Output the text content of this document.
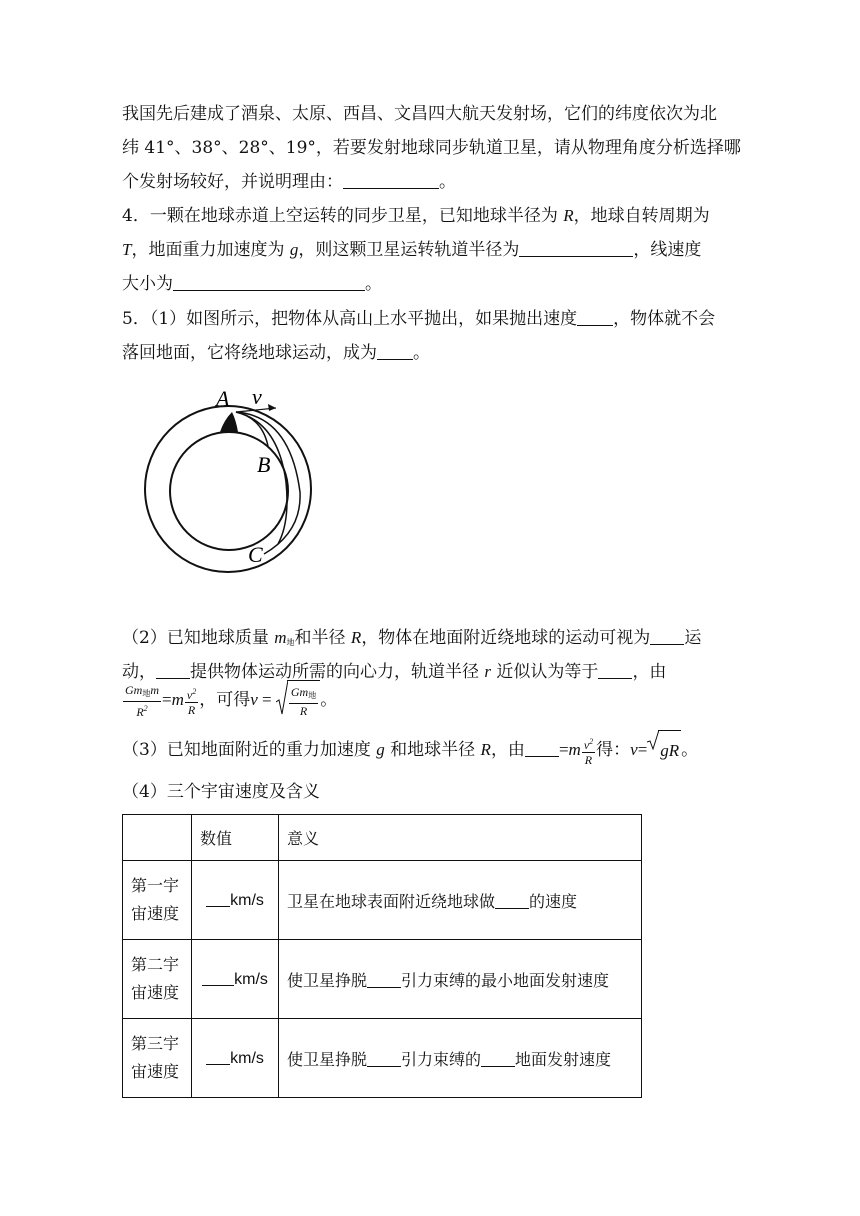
我国先后建成了酒泉、太原、西昌、文昌四大航天发射场，它们的纬度依次为北
纬 41°、38°、28°、19°，若要发射地球同步轨道卫星，请从物理角度分析选择哪
个发射场较好，并说明理由：	。
4．一颗在地球赤道上空运转的同步卫星，已知地球半径为 R，地球自转周期为
T，地面重力加速度为 g，则这颗卫星运转轨道半径为	，线速度
大小为	。
5．（1）如图所示，把物体从高山上水平抛出，如果抛出速度 ，物体就不会
落回地面，它将绕地球运动，成为 。
A v
B
C
（2）已知地球质量 $m_地$和半径 R，物体在地面附近绕地球的运动可视为 运
动， 提供物体运动所需的向心力，轨道半径 r 近似认为等于 ，由
$\frac{Gm_地m}{R^2} =m \frac{v^2}{R}$ ，可得$v = \frac{Gm_地}{R}$ 。
（3）已知地面附近的重力加速度 g 和地球半径 R，由 $=m \frac{v^2}{R}$ 得：v= gR 。
（4）三个宇宙速度及含义
	数值	意义

第一宇
宙速度	km/s	卫星在地球表面附近绕地球做 的速度

第二宇
宙速度	km/s	使卫星挣脱 引力束缚的最小地面发射速度

第三宇
宙速度	km/s	使卫星挣脱 引力束缚的 地面发射速度
